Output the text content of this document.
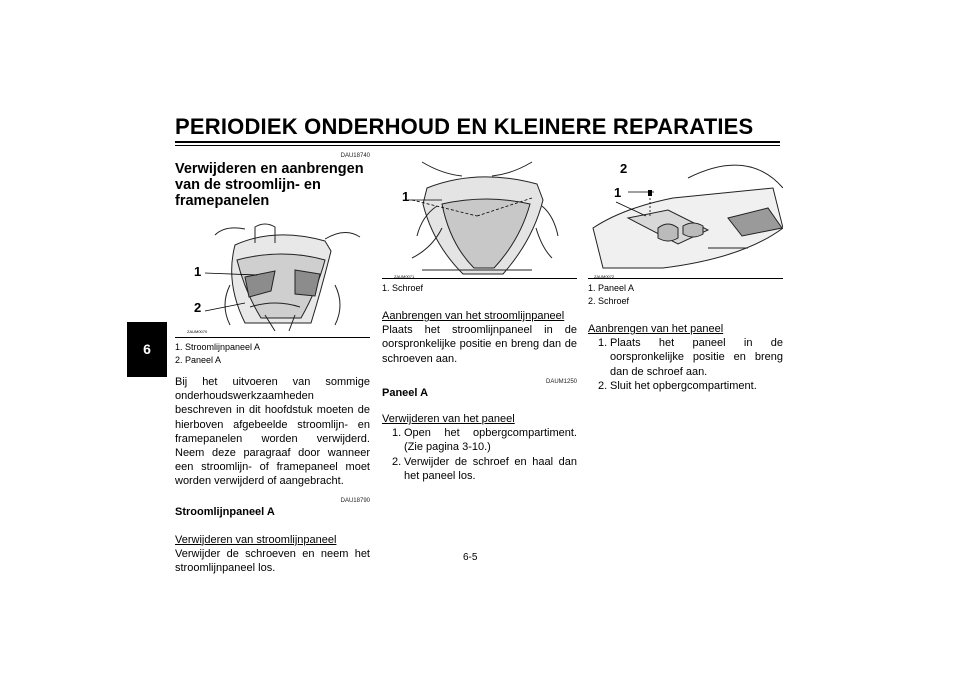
PERIODIEK ONDERHOUD EN KLEINERE REPARATIES
6
DAU18740
Verwijderen en aanbrengen van de stroomlijn- en framepanelen
1
2
ZAUM0070
1. Stroomlijnpaneel A
2. Paneel A
Bij het uitvoeren van sommige onderhoudswerkzaamheden beschreven in dit hoofdstuk moeten de hierboven afgebeelde stroomlijn- en framepanelen worden verwijderd. Neem deze paragraaf door wanneer een stroomlijn- of framepaneel moet worden verwijderd of aangebracht.
DAU18790
Stroomlijnpaneel A
Verwijderen van stroomlijnpaneel
Verwijder de schroeven en neem het stroomlijnpaneel los.
1
ZAUM0071
1. Schroef
Aanbrengen van het stroomlijnpaneel
Plaats het stroomlijnpaneel in de oorspronkelijke positie en breng dan de schroeven aan.
DAUM1250
Paneel A
Verwijderen van het paneel
1. Open het opbergcompartiment. (Zie pagina 3-10.)
2. Verwijder de schroef en haal dan het paneel los.
2
1
ZAUM0072
1. Paneel A
2. Schroef
Aanbrengen van het paneel
1. Plaats het paneel in de oorspronkelijke positie en breng dan de schroef aan.
2. Sluit het opbergcompartiment.
6-5
